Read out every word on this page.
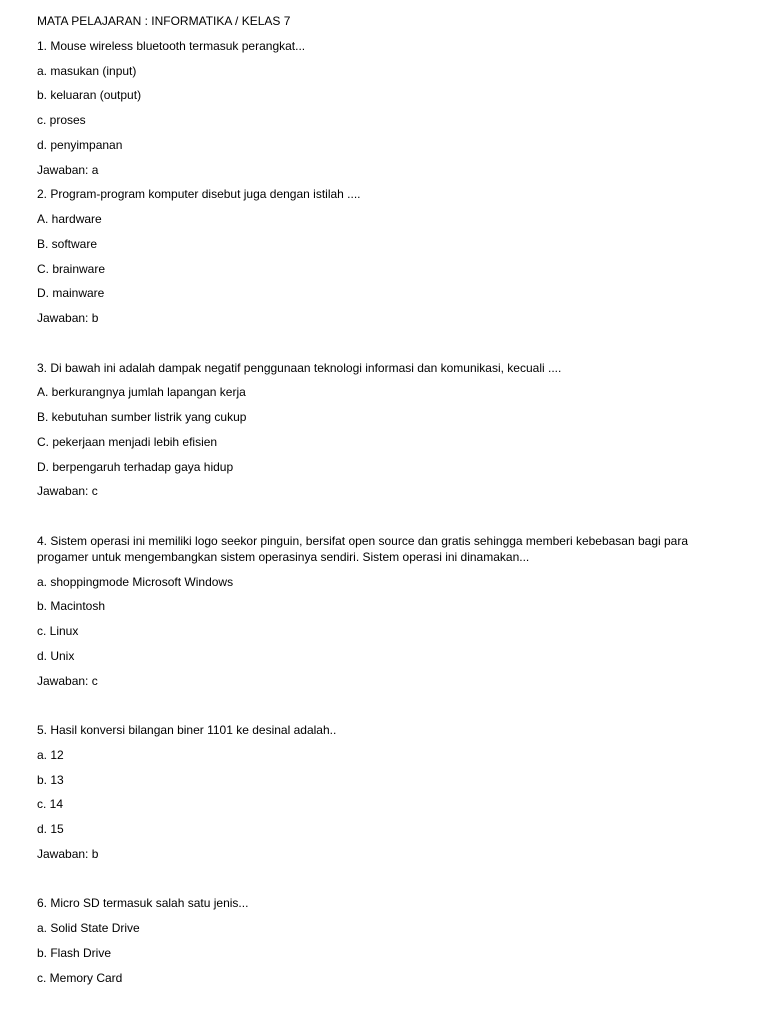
MATA PELAJARAN : INFORMATIKA / KELAS 7
1. Mouse wireless bluetooth termasuk perangkat...
a. masukan (input)
b. keluaran (output)
c. proses
d. penyimpanan
Jawaban: a
2. Program-program komputer disebut juga dengan istilah ....
A. hardware
B. software
C. brainware
D. mainware
Jawaban: b
3. Di bawah ini adalah dampak negatif penggunaan teknologi informasi dan komunikasi, kecuali ....
A. berkurangnya jumlah lapangan kerja
B. kebutuhan sumber listrik yang cukup
C. pekerjaan menjadi lebih efisien
D. berpengaruh terhadap gaya hidup
Jawaban: c
4. Sistem operasi ini memiliki logo seekor pinguin, bersifat open source dan gratis sehingga memberi kebebasan bagi para progamer untuk mengembangkan sistem operasinya sendiri. Sistem operasi ini dinamakan...
a. shoppingmode Microsoft Windows
b. Macintosh
c. Linux
d. Unix
Jawaban: c
5. Hasil konversi bilangan biner 1101 ke desinal adalah..
a. 12
b. 13
c. 14
d. 15
Jawaban: b
6. Micro SD termasuk salah satu jenis...
a. Solid State Drive
b. Flash Drive
c. Memory Card
